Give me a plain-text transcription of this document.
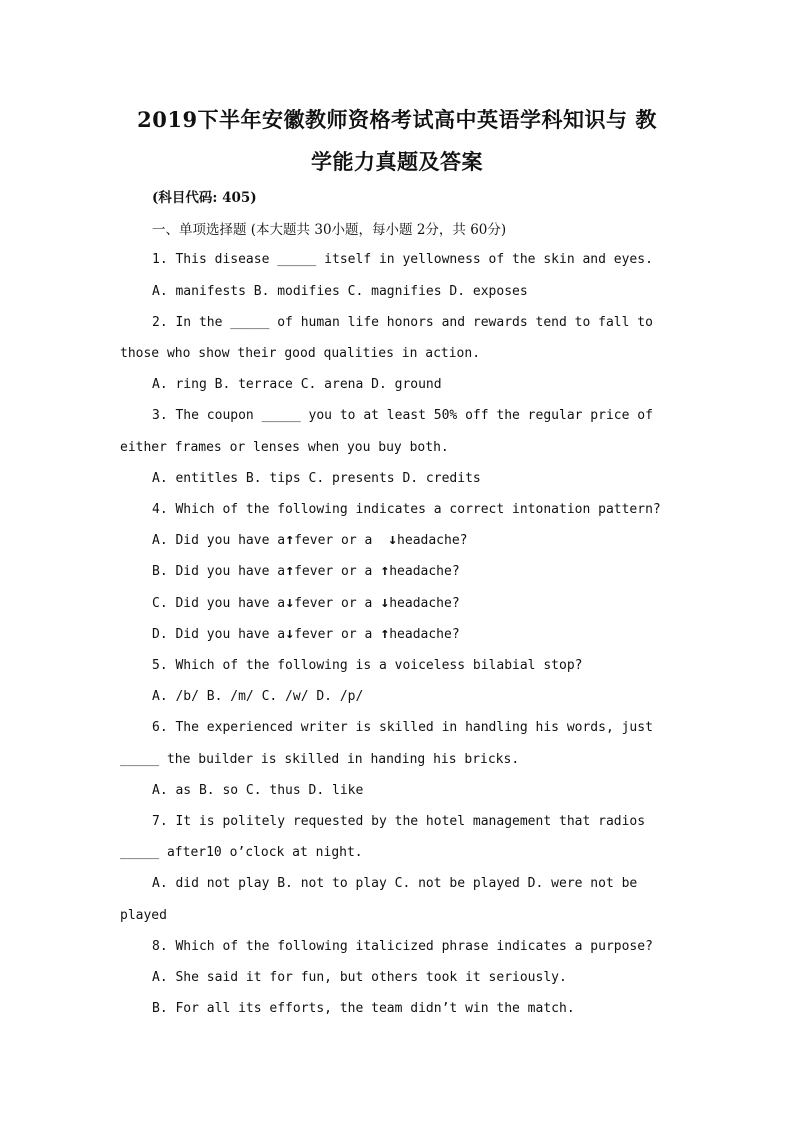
2019下半年安徽教师资格考试高中英语学科知识与 教
学能力真题及答案
(科目代码: 405)
一、单项选择题 (本大题共 30小题，每小题 2分，共 60分)
1. This disease _____ itself in yellowness of the skin and eyes.
A. manifests B. modifies C. magnifies D. exposes
2. In the _____ of human life honors and rewards tend to fall to
those who show their good qualities in action.
A. ring B. terrace C. arena D. ground
3. The coupon _____ you to at least 50% off the regular price of
either frames or lenses when you buy both.
A. entitles B. tips C. presents D. credits
4. Which of the following indicates a correct intonation pattern?
A. Did you have a↑fever or a  ↓headache?
B. Did you have a↑fever or a ↑headache?
C. Did you have a↓fever or a ↓headache?
D. Did you have a↓fever or a ↑headache?
5. Which of the following is a voiceless bilabial stop?
A. /b/ B. /m/ C. /w/ D. /p/
6. The experienced writer is skilled in handling his words, just
_____ the builder is skilled in handing his bricks.
A. as B. so C. thus D. like
7. It is politely requested by the hotel management that radios
_____ after10 o’clock at night.
A. did not play B. not to play C. not be played D. were not be
played
8. Which of the following italicized phrase indicates a purpose?
A. She said it for fun, but others took it seriously.
B. For all its efforts, the team didn’t win the match.
